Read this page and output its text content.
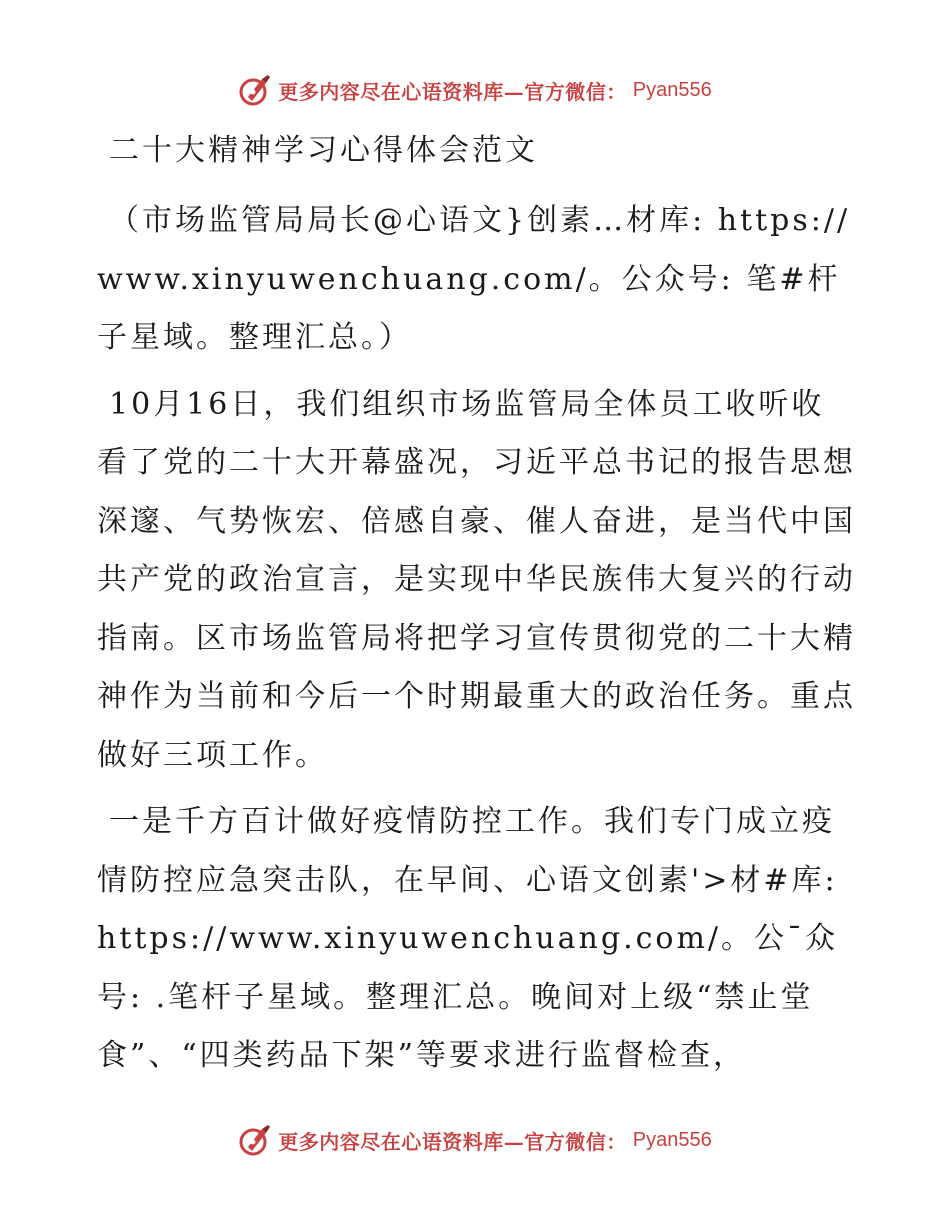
更多内容尽在心语资料库—官方微信： Pyan556
二十大精神学习心得体会范文

（市场监管局局长@心语文}创素…材库: https://www.xinyuwenchuang.com/。公众号: 笔#杆子星域。整理汇总。）

10月16日，我们组织市场监管局全体员工收听收看了党的二十大开幕盛况，习近平总书记的报告思想深邃、气势恢宏、倍感自豪、催人奋进，是当代中国共产党的政治宣言，是实现中华民族伟大复兴的行动指南。区市场监管局将把学习宣传贯彻党的二十大精神作为当前和今后一个时期最重大的政治任务。重点做好三项工作。

一是千方百计做好疫情防控工作。我们专门成立疫情防控应急突击队，在早间、心语文创素'>材#库: https://www.xinyuwenchuang.com/。公¯众号: .笔杆子星域。整理汇总。晚间对上级“禁止堂食”、“四类药品下架”等要求进行监督检查，

更多内容尽在心语资料库—官方微信： Pyan556
